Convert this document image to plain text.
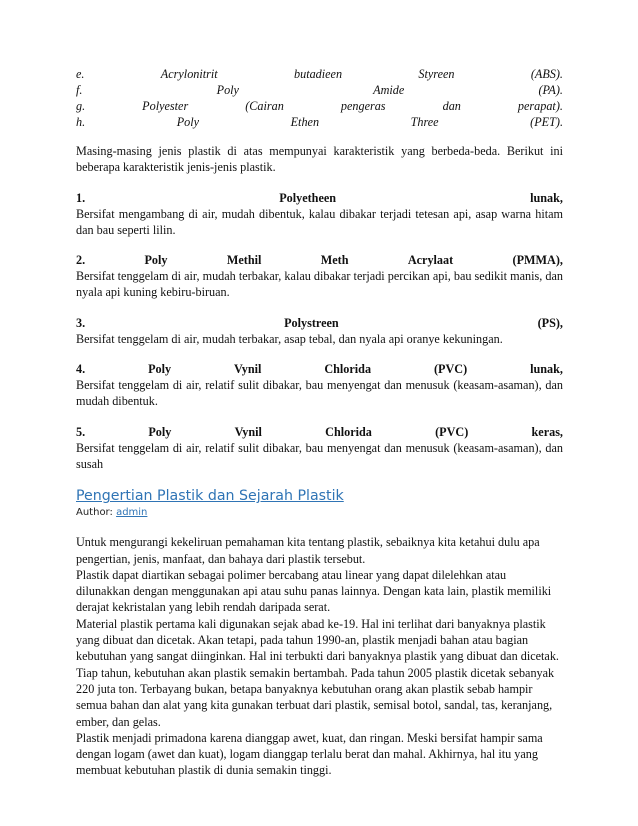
e.	Acrylonitrit	butadieen	Styreen	(ABS).
f.	Poly	Amide	(PA).
g.	Polyester	(Cairan	pengeras	dan	perapat).
h.	Poly	Ethen	Three	(PET).

Masing-masing jenis plastik di atas mempunyai karakteristik yang berbeda-beda. Berikut ini beberapa karakteristik jenis-jenis plastik.

1.	Polyetheen	lunak,

Bersifat mengambang di air, mudah dibentuk, kalau dibakar terjadi tetesan api, asap warna hitam dan bau seperti lilin.

2.	Poly	Methil	Meth	Acrylaat	(PMMA),

Bersifat tenggelam di air, mudah terbakar, kalau dibakar terjadi percikan api, bau sedikit manis, dan nyala api kuning kebiru-biruan.

3.	Polystreen	(PS),

Bersifat tenggelam di air, mudah terbakar, asap tebal, dan nyala api oranye kekuningan.

4.	Poly	Vynil	Chlorida	(PVC)	lunak,

Bersifat tenggelam di air, relatif sulit dibakar, bau menyengat dan menusuk (keasam-asaman), dan mudah dibentuk.

5.	Poly	Vynil	Chlorida	(PVC)	keras,

Bersifat tenggelam di air, relatif sulit dibakar, bau menyengat dan menusuk (keasam-asaman), dan susah

Pengertian Plastik dan Sejarah Plastik
Author: admin

Untuk mengurangi kekeliruan pemahaman kita tentang plastik, sebaiknya kita ketahui dulu apa pengertian, jenis, manfaat, dan bahaya dari plastik tersebut.

Plastik dapat diartikan sebagai polimer bercabang atau linear yang dapat dilelehkan atau dilunakkan dengan menggunakan api atau suhu panas lainnya. Dengan kata lain, plastik memiliki derajat kekristalan yang lebih rendah daripada serat.

Material plastik pertama kali digunakan sejak abad ke-19. Hal ini terlihat dari banyaknya plastik yang dibuat dan dicetak. Akan tetapi, pada tahun 1990-an, plastik menjadi bahan atau bagian kebutuhan yang sangat diinginkan. Hal ini terbukti dari banyaknya plastik yang dibuat dan dicetak.

Tiap tahun, kebutuhan akan plastik semakin bertambah. Pada tahun 2005 plastik dicetak sebanyak 220 juta ton. Terbayang bukan, betapa banyaknya kebutuhan orang akan plastik sebab hampir semua bahan dan alat yang kita gunakan terbuat dari plastik, semisal botol, sandal, tas, keranjang, ember, dan gelas.

Plastik menjadi primadona karena dianggap awet, kuat, dan ringan. Meski bersifat hampir sama dengan logam (awet dan kuat), logam dianggap terlalu berat dan mahal. Akhirnya, hal itu yang membuat kebutuhan plastik di dunia semakin tinggi.
